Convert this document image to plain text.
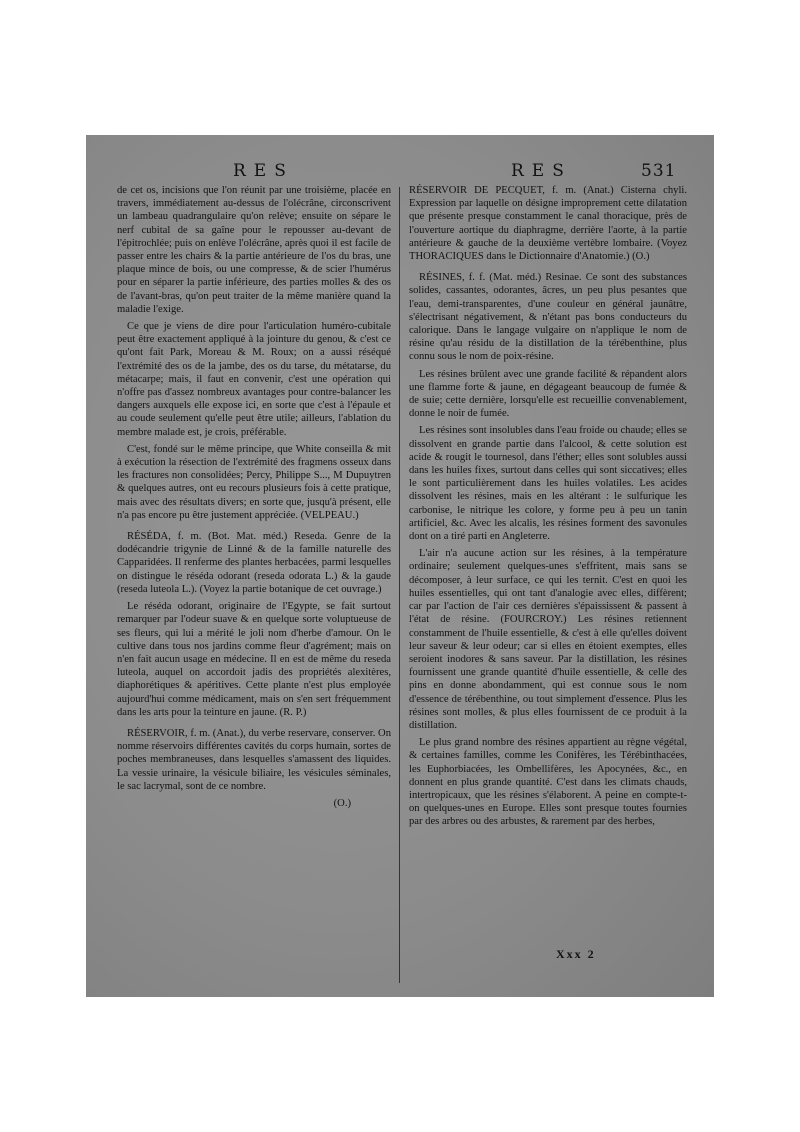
RES	RES	531

de cet os, incisions que l'on réunit par une troisième, placée en travers, immédiatement au-dessus de l'olécrâne, circonscrivent un lambeau quadrangulaire qu'on relève; ensuite on sépare le nerf cubital de sa gaîne pour le repousser au-devant de l'épitrochlée; puis on enlève l'olécrâne, après quoi il est facile de passer entre les chairs & la partie antérieure de l'os du bras, une plaque mince de bois, ou une compresse, & de scier l'humérus pour en séparer la partie inférieure, des parties molles & des os de l'avant-bras, qu'on peut traiter de la même manière quand la maladie l'exige.

Ce que je viens de dire pour l'articulation huméro-cubitale peut être exactement appliqué à la jointure du genou, & c'est ce qu'ont fait Park, Moreau & M. Roux; on a aussi réséqué l'extrémité des os de la jambe, des os du tarse, du métatarse, du métacarpe; mais, il faut en convenir, c'est une opération qui n'offre pas d'assez nombreux avantages pour contre-balancer les dangers auxquels elle expose ici, en sorte que c'est à l'épaule et au coude seulement qu'elle peut être utile; ailleurs, l'ablation du membre malade est, je crois, préférable.

C'est, fondé sur le même principe, que White conseilla & mit à exécution la résection de l'extrémité des fragmens osseux dans les fractures non consolidées; Percy, Philippe S..., M Dupuytren & quelques autres, ont eu recours plusieurs fois à cette pratique, mais avec des résultats divers; en sorte que, jusqu'à présent, elle n'a pas encore pu être justement appréciée. (VELPEAU.)

RÉSÉDA, f. m. (Bot. Mat. méd.) Reseda. Genre de la dodécandrie trigynie de Linné & de la famille naturelle des Capparidées. Il renferme des plantes herbacées, parmi lesquelles on distingue le réséda odorant (reseda odorata L.) & la gaude (reseda luteola L.). (Voyez la partie botanique de cet ouvrage.)

Le réséda odorant, originaire de l'Egypte, se fait surtout remarquer par l'odeur suave & en quelque sorte voluptueuse de ses fleurs, qui lui a mérité le joli nom d'herbe d'amour. On le cultive dans tous nos jardins comme fleur d'agrément; mais on n'en fait aucun usage en médecine. Il en est de même du reseda luteola, auquel on accordoit jadis des propriétés alexitères, diaphorétiques & apéritives. Cette plante n'est plus employée aujourd'hui comme médicament, mais on s'en sert fréquemment dans les arts pour la teinture en jaune. (R. P.)

RÉSERVOIR, f. m. (Anat.), du verbe reservare, conserver. On nomme réservoirs différentes cavités du corps humain, sortes de poches membraneuses, dans lesquelles s'amassent des liquides. La vessie urinaire, la vésicule biliaire, les vésicules séminales, le sac lacrymal, sont de ce nombre.

(O.)

RÉSERVOIR DE PECQUET, f. m. (Anat.) Cisterna chyli. Expression par laquelle on désigne improprement cette dilatation que présente presque constamment le canal thoracique, près de l'ouverture aortique du diaphragme, derrière l'aorte, à la partie antérieure & gauche de la deuxième vertèbre lombaire. (Voyez THORACIQUES dans le Dictionnaire d'Anatomie.) (O.)

RÉSINES, f. f. (Mat. méd.) Resinae. Ce sont des substances solides, cassantes, odorantes, âcres, un peu plus pesantes que l'eau, demi-transparentes, d'une couleur en général jaunâtre, s'électrisant négativement, & n'étant pas bons conducteurs du calorique. Dans le langage vulgaire on n'applique le nom de résine qu'au résidu de la distillation de la térébenthine, plus connu sous le nom de poix-résine.

Les résines brûlent avec une grande facilité & répandent alors une flamme forte & jaune, en dégageant beaucoup de fumée & de suie; cette dernière, lorsqu'elle est recueillie convenablement, donne le noir de fumée.

Les résines sont insolubles dans l'eau froide ou chaude; elles se dissolvent en grande partie dans l'alcool, & cette solution est acide & rougit le tournesol, dans l'éther; elles sont solubles aussi dans les huiles fixes, surtout dans celles qui sont siccatives; elles le sont particulièrement dans les huiles volatiles. Les acides dissolvent les résines, mais en les altérant : le sulfurique les carbonise, le nitrique les colore, y forme peu à peu un tanin artificiel, &c. Avec les alcalis, les résines forment des savonules dont on a tiré parti en Angleterre.

L'air n'a aucune action sur les résines, à la température ordinaire; seulement quelques-unes s'effritent, mais sans se décomposer, à leur surface, ce qui les ternit. C'est en quoi les huiles essentielles, qui ont tant d'analogie avec elles, diffèrent; car par l'action de l'air ces dernières s'épaississent & passent à l'état de résine. (FOURCROY.) Les résines retiennent constamment de l'huile essentielle, & c'est à elle qu'elles doivent leur saveur & leur odeur; car si elles en étoient exemptes, elles seroient inodores & sans saveur. Par la distillation, les résines fournissent une grande quantité d'huile essentielle, & celle des pins en donne abondamment, qui est connue sous le nom d'essence de térébenthine, ou tout simplement d'essence. Plus les résines sont molles, & plus elles fournissent de ce produit à la distillation.

Le plus grand nombre des résines appartient au règne végétal, & certaines familles, comme les Conifères, les Térébinthacées, les Euphorbiacées, les Ombellifères, les Apocynées, &c., en donnent en plus grande quantité. C'est dans les climats chauds, intertropicaux, que les résines s'élaborent. A peine en compte-t-on quelques-unes en Europe. Elles sont presque toutes fournies par des arbres ou des arbustes, & rarement par des herbes,

Xxx 2
